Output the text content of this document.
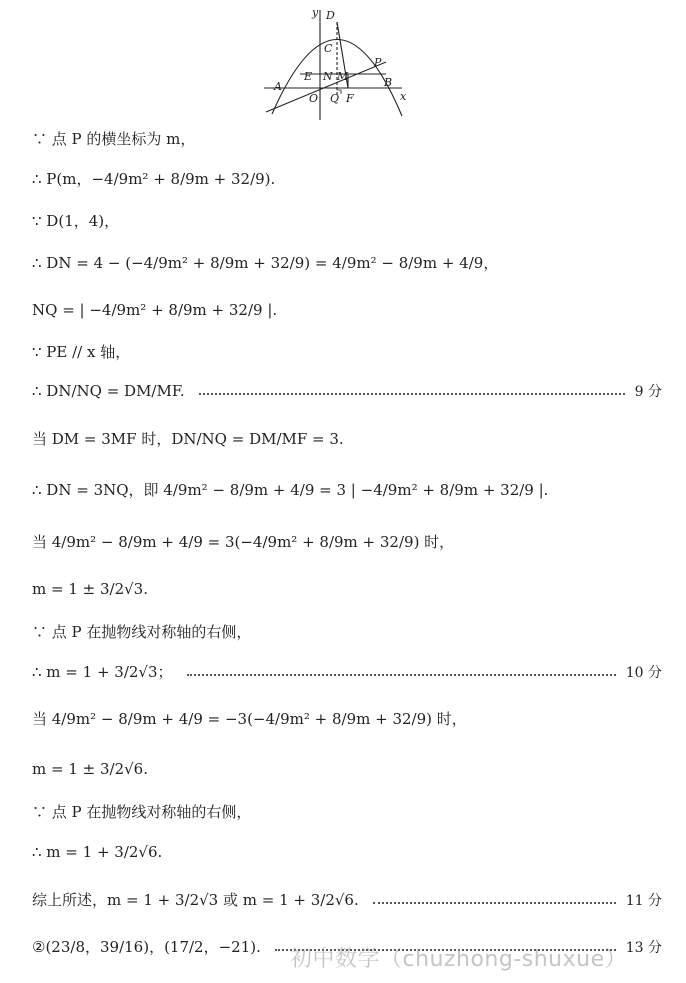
y
x
D
C
P
A	B
E N M
O Q F
∵ 点 P 的横坐标为 m，
∴ P(m，−4/9m² + 8/9m + 32/9).
∵ D(1，4)，
∴ DN = 4 − (−4/9m² + 8/9m + 32/9) = 4/9m² − 8/9m + 4/9，
NQ = | −4/9m² + 8/9m + 32/9 |.
∵ PE // x 轴，
∴ DN/NQ = DM/MF.	9 分
当 DM = 3MF 时，DN/NQ = DM/MF = 3.
∴ DN = 3NQ，即 4/9m² − 8/9m + 4/9 = 3 | −4/9m² + 8/9m + 32/9 |.
当 4/9m² − 8/9m + 4/9 = 3(−4/9m² + 8/9m + 32/9) 时，
m = 1 ± 3/2√3.
∵ 点 P 在抛物线对称轴的右侧，
∴ m = 1 + 3/2√3；	10 分
当 4/9m² − 8/9m + 4/9 = −3(−4/9m² + 8/9m + 32/9) 时，
m = 1 ± 3/2√6.
∵ 点 P 在抛物线对称轴的右侧，
∴ m = 1 + 3/2√6.
综上所述，m = 1 + 3/2√3 或 m = 1 + 3/2√6.	11 分
②(23/8，39/16)，(17/2，−21).	13 分
初中数学（chuzhong-shuxue）
